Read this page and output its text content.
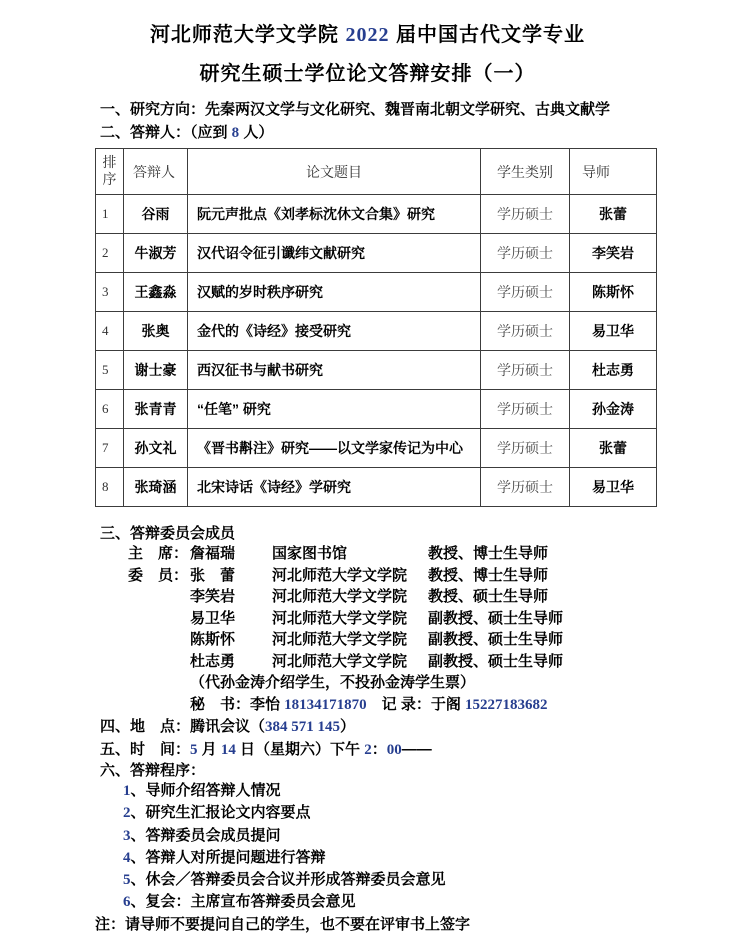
河北师范大学文学院 2022 届中国古代文学专业
研究生硕士学位论文答辩安排（一）
一、研究方向：先秦两汉文学与文化研究、魏晋南北朝文学研究、古典文献学
二、答辩人：（应到 8 人）
排序	答辩人	论文题目	学生类别	导师
1	谷雨	阮元声批点《刘孝标沈休文合集》研究	学历硕士	张蕾
2	牛淑芳	汉代诏令征引谶纬文献研究	学历硕士	李笑岩
3	王鑫淼	汉赋的岁时秩序研究	学历硕士	陈斯怀
4	张奥	金代的《诗经》接受研究	学历硕士	易卫华
5	谢士豪	西汉征书与献书研究	学历硕士	杜志勇
6	张青青	“任笔” 研究	学历硕士	孙金涛
7	孙文礼	《晋书斠注》研究——以文学家传记为中心	学历硕士	张蕾
8	张琦涵	北宋诗话《诗经》学研究	学历硕士	易卫华
三、答辩委员会成员
主　席： 詹福瑞	国家图书馆	教授、博士生导师
委　员： 张　蕾	河北师范大学文学院	教授、博士生导师
李笑岩	河北师范大学文学院	教授、硕士生导师
易卫华	河北师范大学文学院	副教授、硕士生导师
陈斯怀	河北师范大学文学院	副教授、硕士生导师
杜志勇	河北师范大学文学院	副教授、硕士生导师
（代孙金涛介绍学生，不投孙金涛学生票）
秘　书：李怡 18134171870　记 录：于阁 15227183682
四、地　点：腾讯会议（384 571 145）
五、时　间：5 月 14 日（星期六）下午 2：00——
六、答辩程序：
1、导师介绍答辩人情况
2、研究生汇报论文内容要点
3、答辩委员会成员提问
4、答辩人对所提问题进行答辩
5、休会／答辩委员会合议并形成答辩委员会意见
6、复会：主席宣布答辩委员会意见
注：请导师不要提问自己的学生，也不要在评审书上签字
